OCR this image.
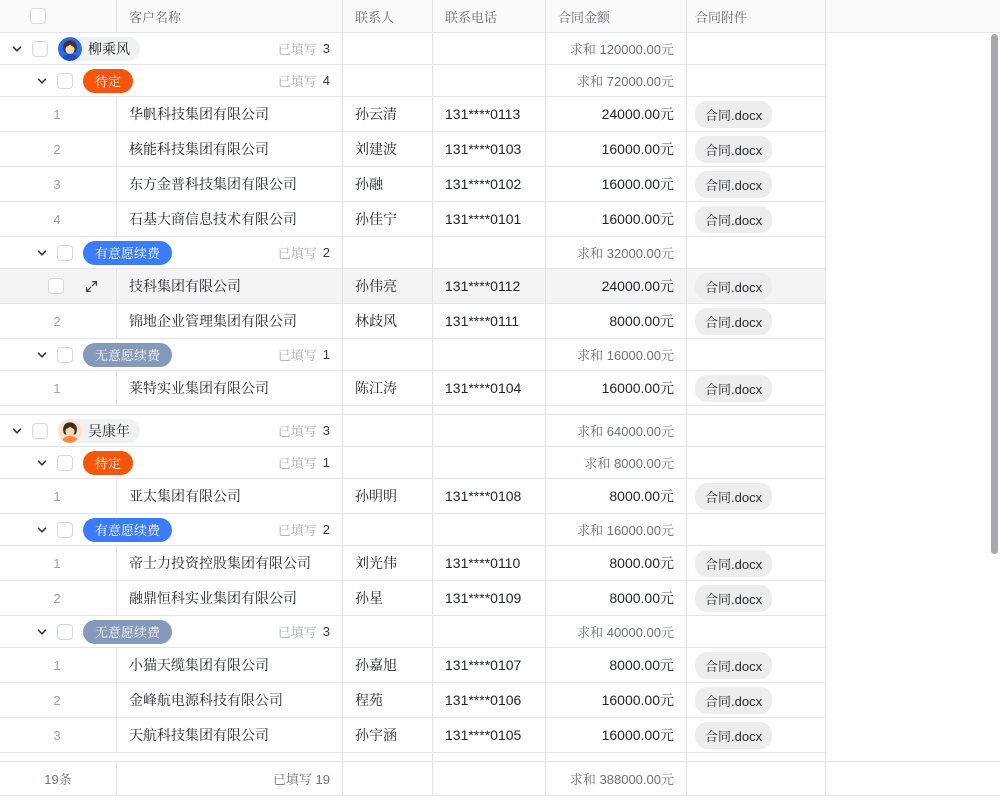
客户名称	联系人	联系电话	合同金额	合同附件
柳乘风	已填写 3	求和 120000.00元
待定	已填写 4	求和 72000.00元
1	华帆科技集团有限公司	孙云清	131****0113	24000.00元	合同.docx
2	核能科技集团有限公司	刘建波	131****0103	16000.00元	合同.docx
3	东方金普科技集团有限公司	孙融	131****0102	16000.00元	合同.docx
4	石基大商信息技术有限公司	孙佳宁	131****0101	16000.00元	合同.docx
有意愿续费	已填写 2	求和 32000.00元
技科集团有限公司	孙伟亮	131****0112	24000.00元	合同.docx
2	锦地企业管理集团有限公司	林歧风	131****0111	8000.00元	合同.docx
无意愿续费	已填写 1	求和 16000.00元
1	莱特实业集团有限公司	陈江涛	131****0104	16000.00元	合同.docx
吴康年	已填写 3	求和 64000.00元
待定	已填写 1	求和 8000.00元
1	亚太集团有限公司	孙明明	131****0108	8000.00元	合同.docx
有意愿续费	已填写 2	求和 16000.00元
1	帝士力投资控股集团有限公司	刘光伟	131****0110	8000.00元	合同.docx
2	融鼎恒科实业集团有限公司	孙星	131****0109	8000.00元	合同.docx
无意愿续费	已填写 3	求和 40000.00元
1	小猫天缆集团有限公司	孙嘉旭	131****0107	8000.00元	合同.docx
2	金峰航电源科技有限公司	程苑	131****0106	16000.00元	合同.docx
3	天航科技集团有限公司	孙宇涵	131****0105	16000.00元	合同.docx
19条	已填写 19	求和 388000.00元
